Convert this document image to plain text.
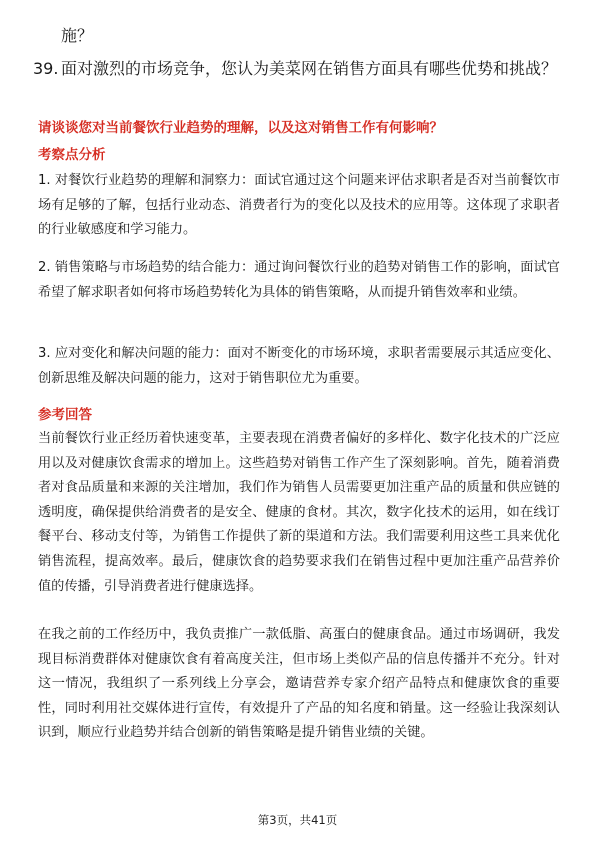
施？
39. 面对激烈的市场竞争，您认为美菜网在销售方面具有哪些优势和挑战？
请谈谈您对当前餐饮行业趋势的理解，以及这对销售工作有何影响？
考察点分析
1. 对餐饮行业趋势的理解和洞察力：面试官通过这个问题来评估求职者是否对当前餐饮市场有足够的了解，包括行业动态、消费者行为的变化以及技术的应用等。这体现了求职者的行业敏感度和学习能力。
2. 销售策略与市场趋势的结合能力：通过询问餐饮行业的趋势对销售工作的影响，面试官希望了解求职者如何将市场趋势转化为具体的销售策略，从而提升销售效率和业绩。
3. 应对变化和解决问题的能力：面对不断变化的市场环境，求职者需要展示其适应变化、创新思维及解决问题的能力，这对于销售职位尤为重要。
参考回答
当前餐饮行业正经历着快速变革，主要表现在消费者偏好的多样化、数字化技术的广泛应用以及对健康饮食需求的增加上。这些趋势对销售工作产生了深刻影响。首先，随着消费者对食品质量和来源的关注增加，我们作为销售人员需要更加注重产品的质量和供应链的透明度，确保提供给消费者的是安全、健康的食材。其次，数字化技术的运用，如在线订餐平台、移动支付等，为销售工作提供了新的渠道和方法。我们需要利用这些工具来优化销售流程，提高效率。最后，健康饮食的趋势要求我们在销售过程中更加注重产品营养价值的传播，引导消费者进行健康选择。
在我之前的工作经历中，我负责推广一款低脂、高蛋白的健康食品。通过市场调研，我发现目标消费群体对健康饮食有着高度关注，但市场上类似产品的信息传播并不充分。针对这一情况，我组织了一系列线上分享会，邀请营养专家介绍产品特点和健康饮食的重要性，同时利用社交媒体进行宣传，有效提升了产品的知名度和销量。这一经验让我深刻认识到，顺应行业趋势并结合创新的销售策略是提升销售业绩的关键。
第3页，共41页
